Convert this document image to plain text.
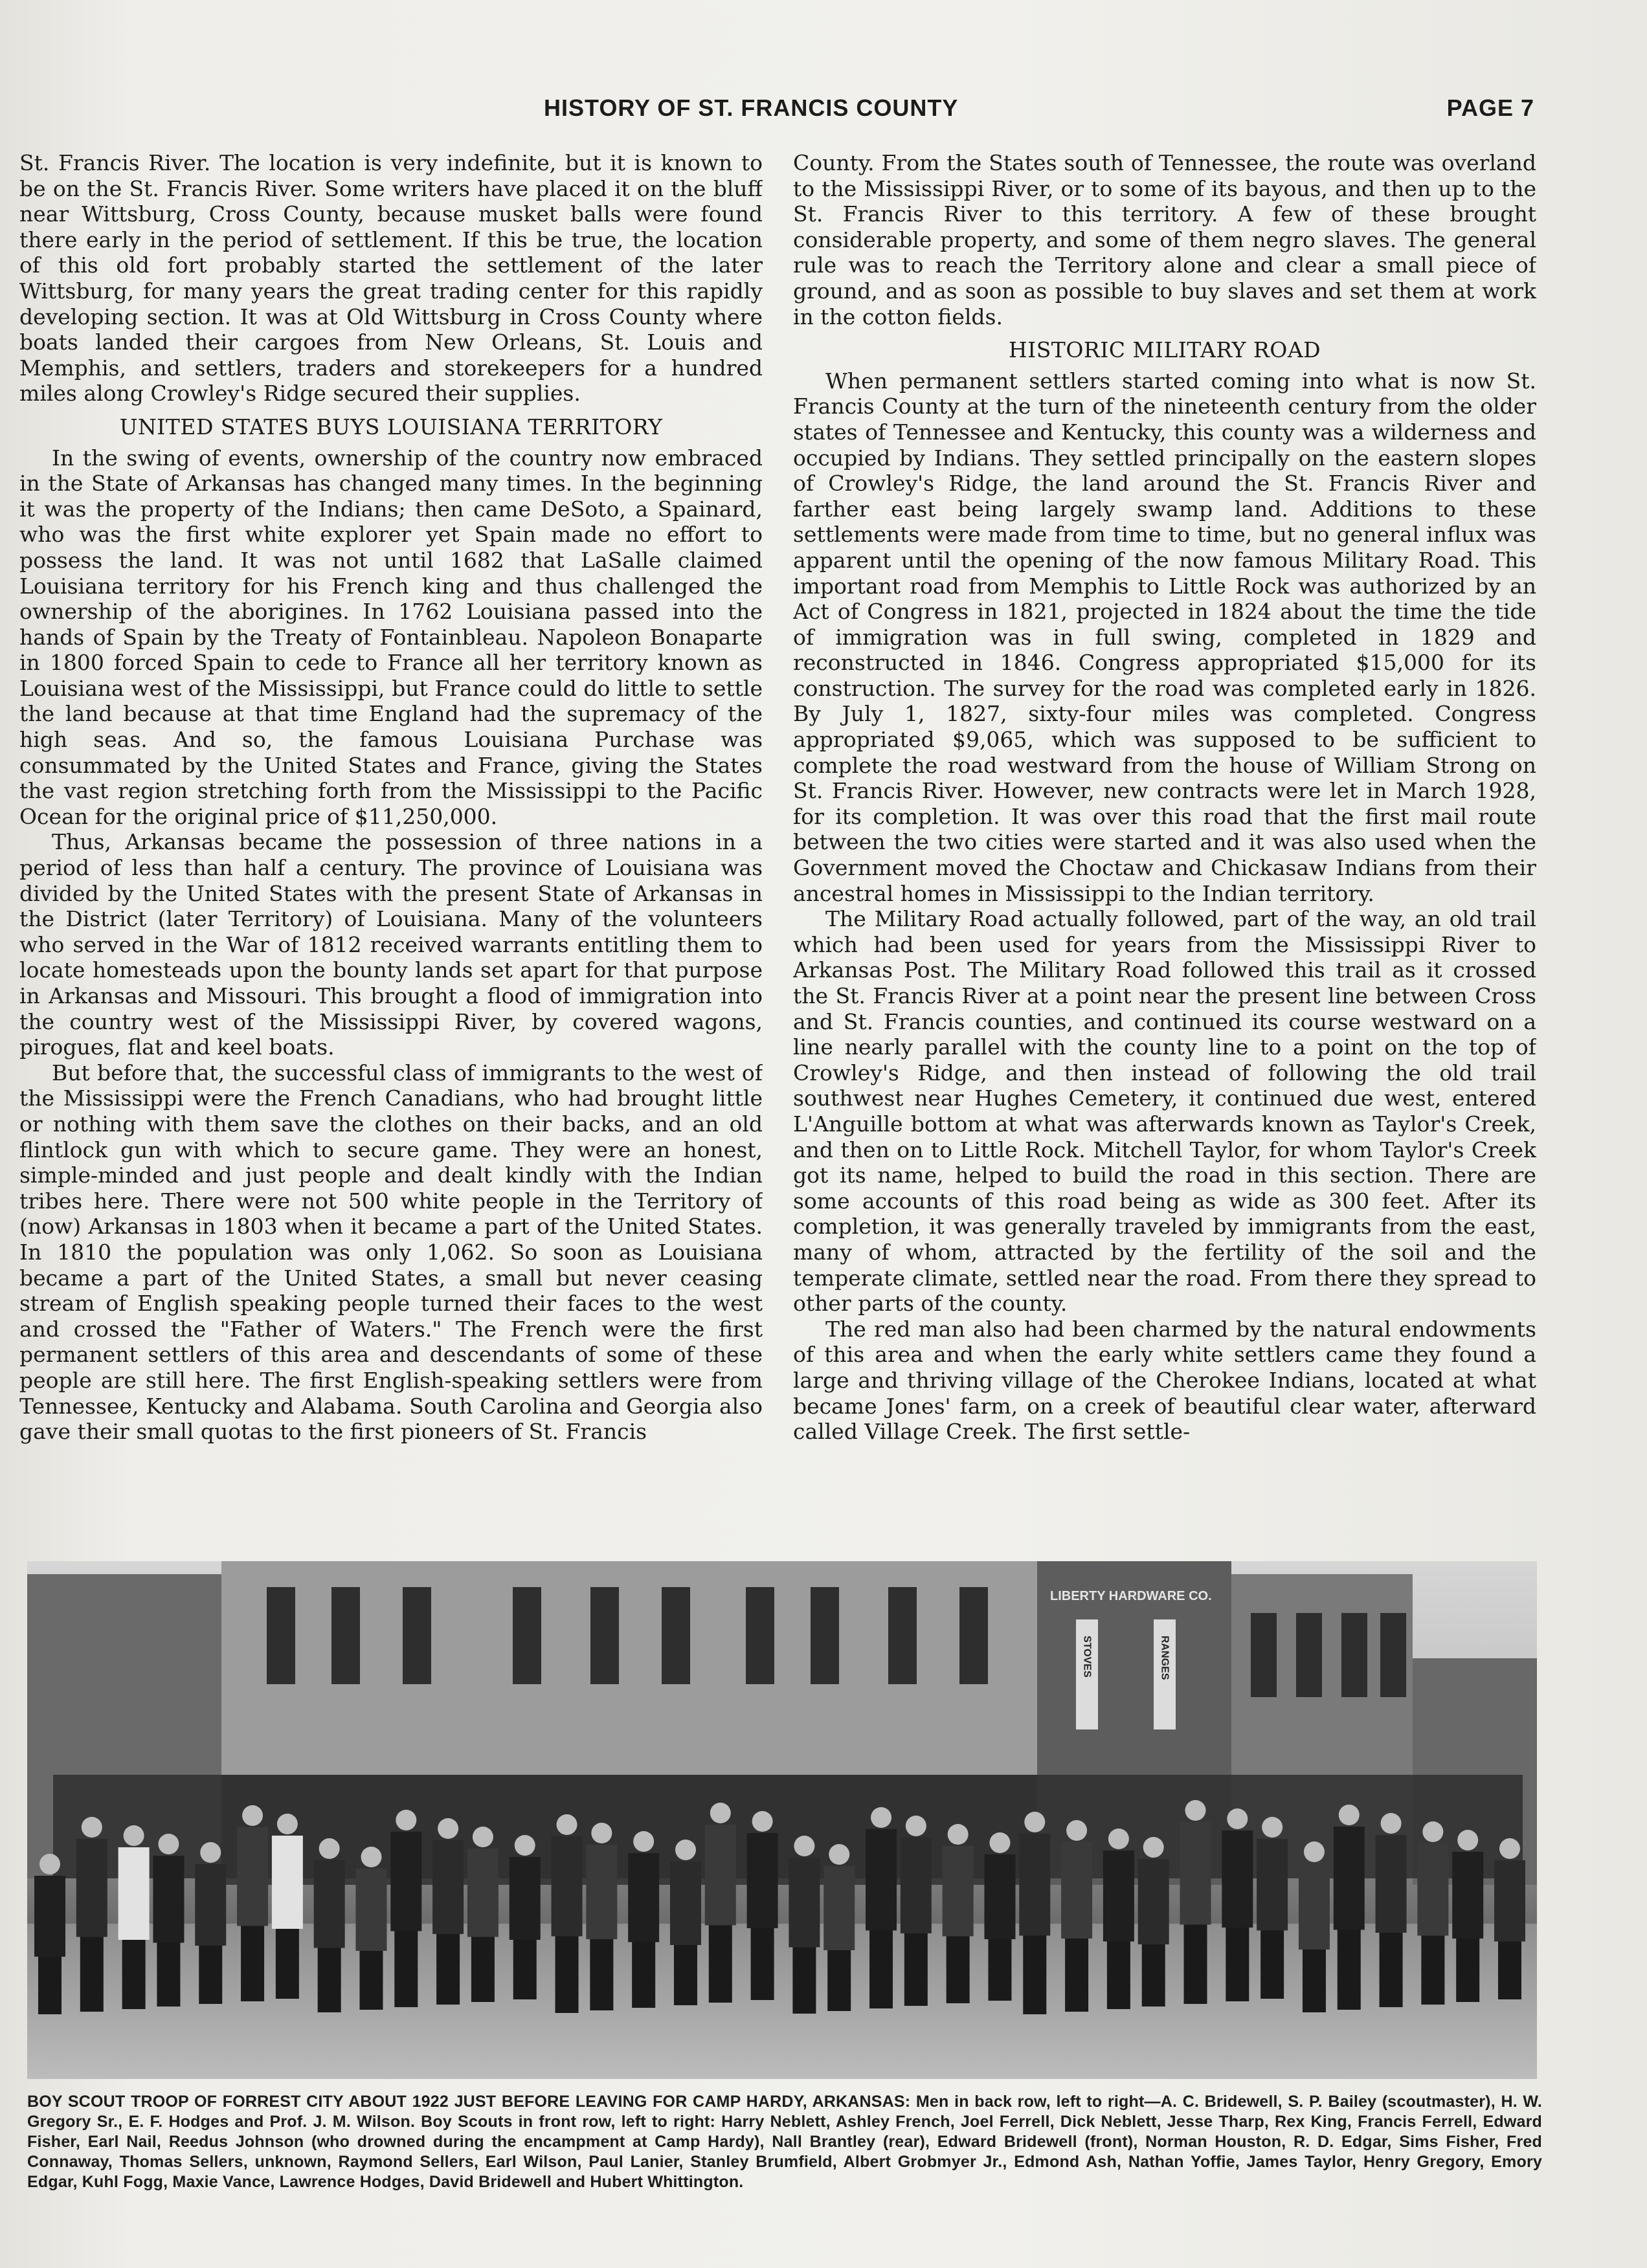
HISTORY OF ST. FRANCIS COUNTY	PAGE 7

St. Francis River. The location is very indefinite, but it is known to be on the St. Francis River. Some writers have placed it on the bluff near Wittsburg, Cross County, because musket balls were found there early in the period of settlement. If this be true, the location of this old fort probably started the settlement of the later Wittsburg, for many years the great trading center for this rapidly developing section. It was at Old Wittsburg in Cross County where boats landed their cargoes from New Orleans, St. Louis and Memphis, and settlers, traders and storekeepers for a hundred miles along Crowley's Ridge secured their supplies.

UNITED STATES BUYS LOUISIANA TERRITORY

In the swing of events, ownership of the country now embraced in the State of Arkansas has changed many times. In the beginning it was the property of the Indians; then came DeSoto, a Spainard, who was the first white explorer yet Spain made no effort to possess the land. It was not until 1682 that LaSalle claimed Louisiana territory for his French king and thus challenged the ownership of the aborigines. In 1762 Louisiana passed into the hands of Spain by the Treaty of Fontainbleau. Napoleon Bonaparte in 1800 forced Spain to cede to France all her territory known as Louisiana west of the Mississippi, but France could do little to settle the land because at that time England had the supremacy of the high seas. And so, the famous Louisiana Purchase was consummated by the United States and France, giving the States the vast region stretching forth from the Mississippi to the Pacific Ocean for the original price of $11,250,000.

Thus, Arkansas became the possession of three nations in a period of less than half a century. The province of Louisiana was divided by the United States with the present State of Arkansas in the District (later Territory) of Louisiana. Many of the volunteers who served in the War of 1812 received warrants entitling them to locate homesteads upon the bounty lands set apart for that purpose in Arkansas and Missouri. This brought a flood of immigration into the country west of the Mississippi River, by covered wagons, pirogues, flat and keel boats.

But before that, the successful class of immigrants to the west of the Mississippi were the French Canadians, who had brought little or nothing with them save the clothes on their backs, and an old flintlock gun with which to secure game. They were an honest, simple-minded and just people and dealt kindly with the Indian tribes here. There were not 500 white people in the Territory of (now) Arkansas in 1803 when it became a part of the United States. In 1810 the population was only 1,062. So soon as Louisiana became a part of the United States, a small but never ceasing stream of English speaking people turned their faces to the west and crossed the "Father of Waters." The French were the first permanent settlers of this area and descendants of some of these people are still here. The first English-speaking settlers were from Tennessee, Kentucky and Alabama. South Carolina and Georgia also gave their small quotas to the first pioneers of St. Francis

County. From the States south of Tennessee, the route was overland to the Mississippi River, or to some of its bayous, and then up to the St. Francis River to this territory. A few of these brought considerable property, and some of them negro slaves. The general rule was to reach the Territory alone and clear a small piece of ground, and as soon as possible to buy slaves and set them at work in the cotton fields.

HISTORIC MILITARY ROAD

When permanent settlers started coming into what is now St. Francis County at the turn of the nineteenth century from the older states of Tennessee and Kentucky, this county was a wilderness and occupied by Indians. They settled principally on the eastern slopes of Crowley's Ridge, the land around the St. Francis River and farther east being largely swamp land. Additions to these settlements were made from time to time, but no general influx was apparent until the opening of the now famous Military Road. This important road from Memphis to Little Rock was authorized by an Act of Congress in 1821, projected in 1824 about the time the tide of immigration was in full swing, completed in 1829 and reconstructed in 1846. Congress appropriated $15,000 for its construction. The survey for the road was completed early in 1826. By July 1, 1827, sixty-four miles was completed. Congress appropriated $9,065, which was supposed to be sufficient to complete the road westward from the house of William Strong on St. Francis River. However, new contracts were let in March 1928, for its completion. It was over this road that the first mail route between the two cities were started and it was also used when the Government moved the Choctaw and Chickasaw Indians from their ancestral homes in Mississippi to the Indian territory.

The Military Road actually followed, part of the way, an old trail which had been used for years from the Mississippi River to Arkansas Post. The Military Road followed this trail as it crossed the St. Francis River at a point near the present line between Cross and St. Francis counties, and continued its course westward on a line nearly parallel with the county line to a point on the top of Crowley's Ridge, and then instead of following the old trail southwest near Hughes Cemetery, it continued due west, entered L'Anguille bottom at what was afterwards known as Taylor's Creek, and then on to Little Rock. Mitchell Taylor, for whom Taylor's Creek got its name, helped to build the road in this section. There are some accounts of this road being as wide as 300 feet. After its completion, it was generally traveled by immigrants from the east, many of whom, attracted by the fertility of the soil and the temperate climate, settled near the road. From there they spread to other parts of the county.

The red man also had been charmed by the natural endowments of this area and when the early white settlers came they found a large and thriving village of the Cherokee Indians, located at what became Jones' farm, on a creek of beautiful clear water, afterward called Village Creek. The first settle-

LIBERTY HARDWARE CO.
STOVES	RANGES
BOY SCOUT TROOP OF FORREST CITY ABOUT 1922 JUST BEFORE LEAVING FOR CAMP HARDY, ARKANSAS: Men in back row, left to right—A. C. Bridewell, S. P. Bailey (scoutmaster), H. W. Gregory Sr., E. F. Hodges and Prof. J. M. Wilson. Boy Scouts in front row, left to right: Harry Neblett, Ashley French, Joel Ferrell, Dick Neblett, Jesse Tharp, Rex King, Francis Ferrell, Edward Fisher, Earl Nail, Reedus Johnson (who drowned during the encampment at Camp Hardy), Nall Brantley (rear), Edward Bridewell (front), Norman Houston, R. D. Edgar, Sims Fisher, Fred Connaway, Thomas Sellers, unknown, Raymond Sellers, Earl Wilson, Paul Lanier, Stanley Brumfield, Albert Grobmyer Jr., Edmond Ash, Nathan Yoffie, James Taylor, Henry Gregory, Emory Edgar, Kuhl Fogg, Maxie Vance, Lawrence Hodges, David Bridewell and Hubert Whittington.
